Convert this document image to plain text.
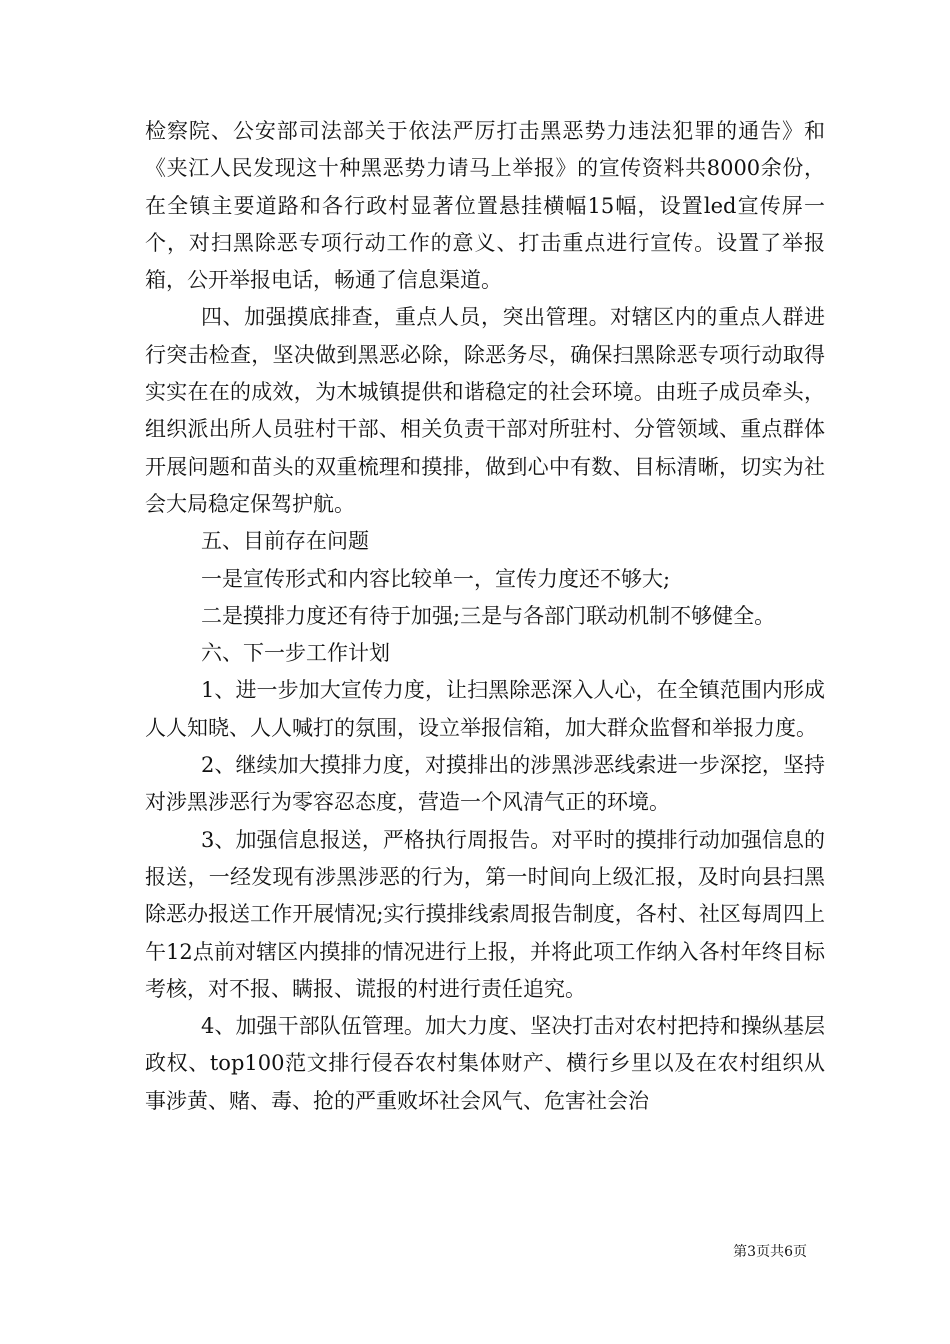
检察院、公安部司法部关于依法严厉打击黑恶势力违法犯罪的通告》和《夹江人民发现这十种黑恶势力请马上举报》的宣传资料共8000余份，在全镇主要道路和各行政村显著位置悬挂横幅15幅，设置led宣传屏一个，对扫黑除恶专项行动工作的意义、打击重点进行宣传。设置了举报箱，公开举报电话，畅通了信息渠道。

四、加强摸底排查，重点人员，突出管理。对辖区内的重点人群进行突击检查，坚决做到黑恶必除，除恶务尽，确保扫黑除恶专项行动取得实实在在的成效，为木城镇提供和谐稳定的社会环境。由班子成员牵头，组织派出所人员驻村干部、相关负责干部对所驻村、分管领域、重点群体开展问题和苗头的双重梳理和摸排，做到心中有数、目标清晰，切实为社会大局稳定保驾护航。

五、目前存在问题

一是宣传形式和内容比较单一，宣传力度还不够大;

二是摸排力度还有待于加强;三是与各部门联动机制不够健全。

六、下一步工作计划

1、进一步加大宣传力度，让扫黑除恶深入人心，在全镇范围内形成人人知晓、人人喊打的氛围，设立举报信箱，加大群众监督和举报力度。

2、继续加大摸排力度，对摸排出的涉黑涉恶线索进一步深挖，坚持对涉黑涉恶行为零容忍态度，营造一个风清气正的环境。

3、加强信息报送，严格执行周报告。对平时的摸排行动加强信息的报送，一经发现有涉黑涉恶的行为，第一时间向上级汇报，及时向县扫黑除恶办报送工作开展情况;实行摸排线索周报告制度，各村、社区每周四上午12点前对辖区内摸排的情况进行上报，并将此项工作纳入各村年终目标考核，对不报、瞒报、谎报的村进行责任追究。

4、加强干部队伍管理。加大力度、坚决打击对农村把持和操纵基层政权、top100范文排行侵吞农村集体财产、横行乡里以及在农村组织从事涉黄、赌、毒、抢的严重败坏社会风气、危害社会治

第3页共6页
